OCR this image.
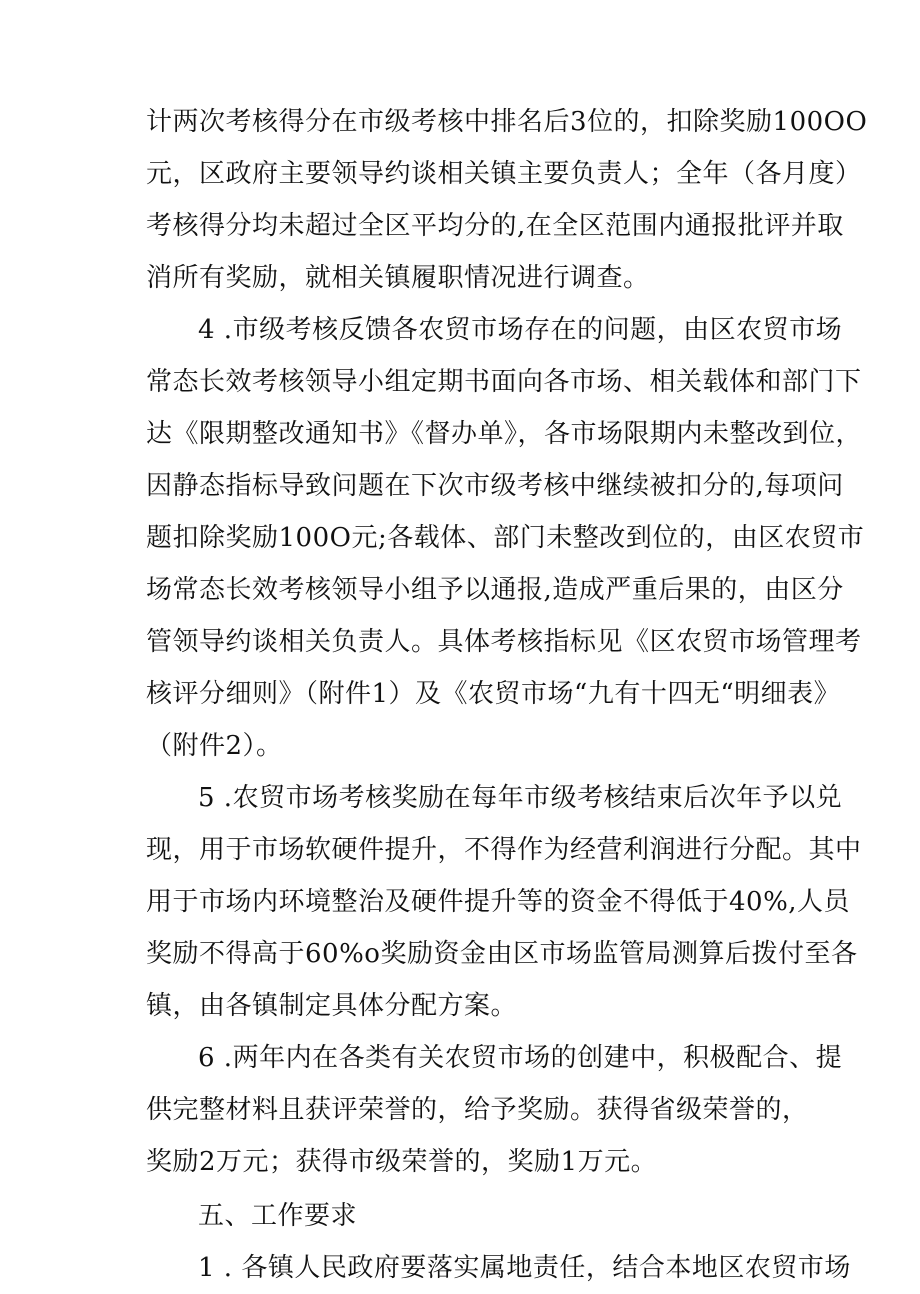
计两次考核得分在市级考核中排名后3位的，扣除奖励100OO
元，区政府主要领导约谈相关镇主要负责人；全年（各月度）
考核得分均未超过全区平均分的,在全区范围内通报批评并取
消所有奖励，就相关镇履职情况进行调查。
4 .市级考核反馈各农贸市场存在的问题，由区农贸市场
常态长效考核领导小组定期书面向各市场、相关载体和部门下
达《限期整改通知书》《督办单》，各市场限期内未整改到位，
因静态指标导致问题在下次市级考核中继续被扣分的,每项问
题扣除奖励100O元;各载体、部门未整改到位的，由区农贸市
场常态长效考核领导小组予以通报,造成严重后果的，由区分
管领导约谈相关负责人。具体考核指标见《区农贸市场管理考
核评分细则》（附件1）及《农贸市场“九有十四无“明细表》
（附件2）。
5 .农贸市场考核奖励在每年市级考核结束后次年予以兑
现，用于市场软硬件提升，不得作为经营利润进行分配。其中
用于市场内环境整治及硬件提升等的资金不得低于40%,人员
奖励不得高于60%o奖励资金由区市场监管局测算后拨付至各
镇，由各镇制定具体分配方案。
6 .两年内在各类有关农贸市场的创建中，积极配合、提
供完整材料且获评荣誉的，给予奖励。获得省级荣誉的，
奖励2万元；获得市级荣誉的，奖励1万元。
五、工作要求
1 . 各镇人民政府要落实属地责任，结合本地区农贸市场
